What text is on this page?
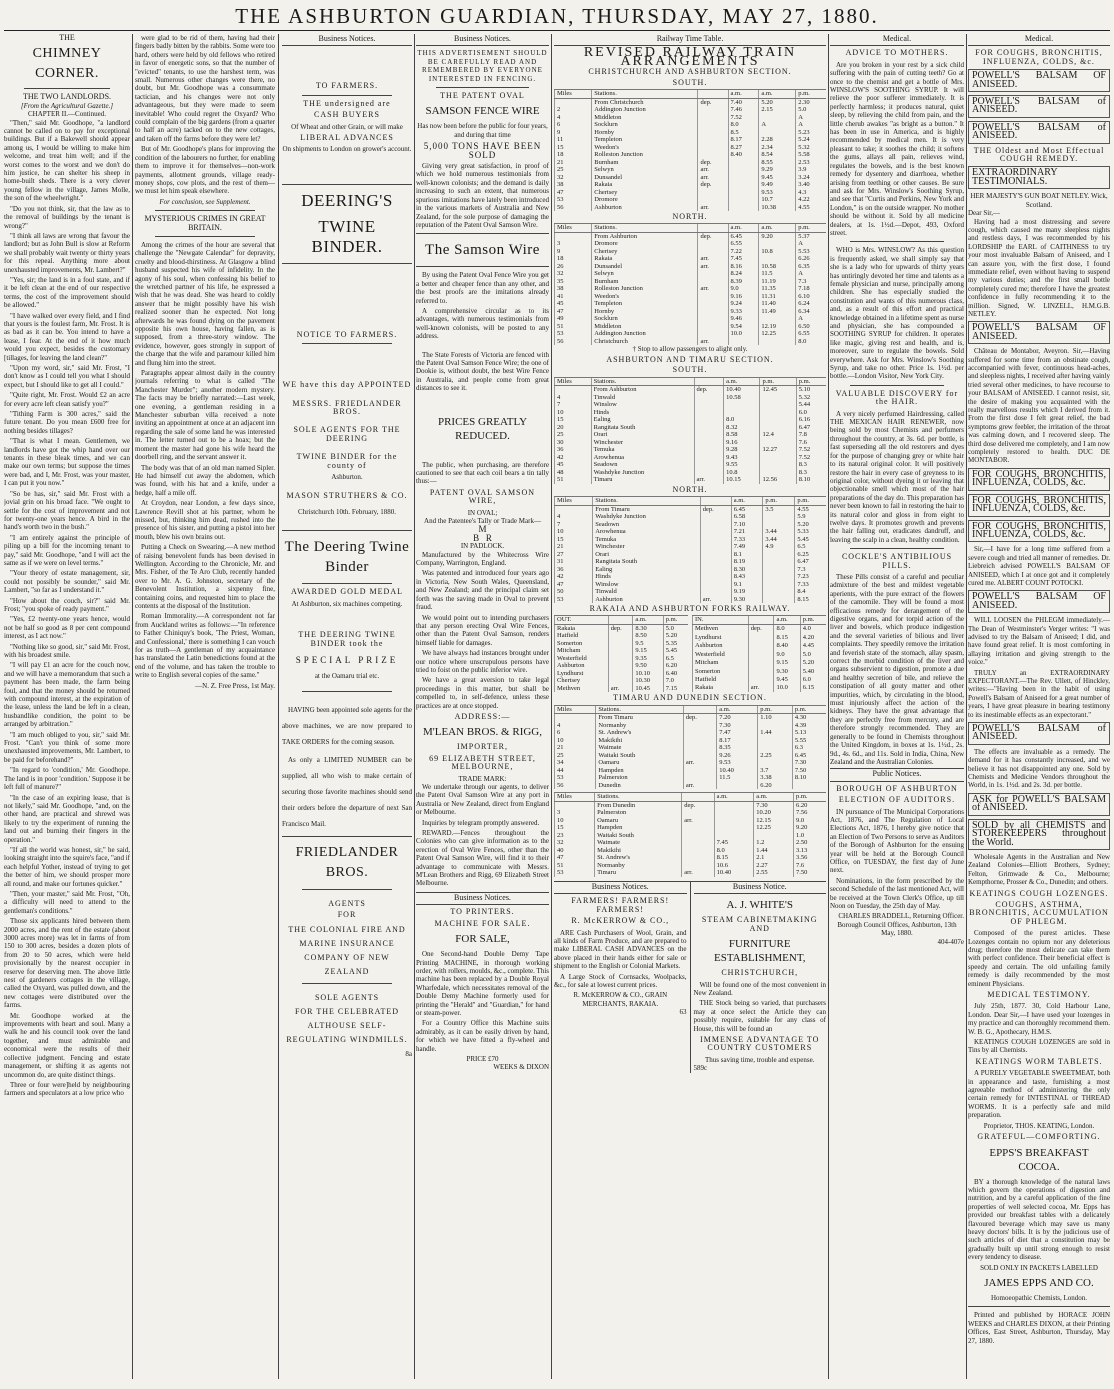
THE ASHBURTON GUARDIAN, THURSDAY, MAY 27, 1880.
THE
CHIMNEY CORNER.
THE TWO LANDLORDS.
[From the Agricultural Gazette.]
CHAPTER II.—Continued.

"Then," said Mr. Goodhope, "a landlord cannot be called on to pay for exceptional buildings. But if a Bakewell should appear among us, I would be willing to make him welcome, and treat him well; and if the worst comes to the worst and we don't do him justice, he can shelter his sheep in home-built sheds. There is a very clever young fellow in the village, James Molle, the son of the wheelwright."

"Do you not think, sir, that the law as to the removal of buildings by the tenant is wrong?"

"I think all laws are wrong that favour the landlord; but as John Bull is slow at Reform we shall probably wait twenty or thirty years for this repeal. Anything more about unexhausted improvements, Mr. Lambert?"

"Yes, sir; the land is in a foul state, and if it be left clean at the end of our respective terms, the cost of the improvement should be allowed."

"I have walked over every field, and I find that yours is the foulest farm, Mr. Frost. It is as bad as it can be. You intend to have a lease, I fear. At the end of it how much would you expect, besides the customary [tillages, for leaving the land clean?"

"Upon my word, sir," said Mr. Frost, "I don't know as I could tell you what I should expect, but I should like to get all I could."

"Quite right, Mr. Frost. Would £2 an acre for every acre left clean satisfy you?"

"Tithing Farm is 300 acres," said the future tenant. Do you mean £600 free for nothing besides tillages?

"That is what I mean. Gentlemen, we landlords have got the whip hand over our tenants in these bleak times, and we can make our own terms; but suppose the times were bad, and I, Mr. Frost, was your master, I can put it you now."

"So be has, sir," said Mr. Frost with a jovial grin on his broad face. "We ought to settle for the cost of improvement and not for twenty-one years hence. A bird in the hand's worth two in the bush."

"I am entirely against the principle of piling up a bill for the incoming tenant to pay," said Mr. Goodhope, "and I will act the same as if we were on level terms."

"Your theory of estate management, sir, could not possibly be sounder," said Mr. Lambert, "so far as I understand it."

"How about the couch, sir?" said Mr. Frost; "you spoke of ready payment."

"Yes, £2 twenty-one years hence, would not be half so good as 8 per cent compound interest, as I act now."

"Nothing like so good, sir," said Mr. Frost, with his broadest smile.

"I will pay £1 an acre for the couch now, and we will have a memorandum that such a payment has been made, the farm being foul, and that the money should be returned with compound interest, at the expiration of the lease, unless the land be left in a clean, husbandlike condition, the point to be arranged by arbitration."

"I am much obliged to you, sir," said Mr. Frost. "Can't you think of some more unexhausted improvements, Mr. Lambert, to be paid for beforehand?"

"In regard to 'condition,' Mr. Goodhope. The land is in poor 'condition.' Suppose it be left full of manure?"

"In the case of an expiring lease, that is not likely," said Mr. Goodhope, "and, on the other hand, are practical and shrewd was likely to try the experiment of running the land out and burning their fingers in the operation."

"If all the world was honest, sir," he said, looking straight into the squire's face, "and if each helpful Yother, instead of trying to get the better of him, we should prosper more all round, and make our fortunes quicker."

"Then, your master," said Mr. Frost, "Oh, a difficulty will need to attend to the gentleman's conditions."

Those six applicants hired between them 2000 acres, and the rent of the estate (about 3000 acres more) was let in farms of from 150 to 300 acres, besides a dozen plots of from 20 to 50 acres, which were held provisionally by the nearest occupier in reserve for deserving men. The above little nest of gardeners cottages in the village, called the Oxyard, was pulled down, and the new cottages were distributed over the farms.

Mr. Goodhope worked at the improvements with heart and soul. Many a walk he and his council took over the land together, and must admirable and economical were the results of their collective judgment. Fencing and estate management, or shifting it as agents not uncommon do, are quite distinct things.

Three or four were]held by neighbouring farmers and speculators at a low price who

were glad to be rid of them, having had their fingers badly bitten by the rabbits. Some were too hard, others were held by old fellows who retired in favor of energetic sons, so that the number of "evicted" tenants, to use the harshest term, was small. Numerous other changes were there, no doubt, but Mr. Goodhope was a consummate tactician, and his changes were not only advantageous, but they were made to seem inevitable! Who could regret the Oxyard? Who could complain of the big gardens (from a quarter to half an acre) tacked on to the new cottages, and taken off the farms before they were let?

But of Mr. Goodhope's plans for improving the condition of the labourers no further, for enabling them to improve it for themselves—non-work payments, allotment grounds, village ready-money shops, cow plots, and the rest of them—we must let him speak elsewhere.

For conclusion, see Supplement.
MYSTERIOUS CRIMES IN GREAT BRITAIN.

Among the crimes of the hour are several that challenge the "Newgate Calendar" for depravity, cruelty and blood-thirstiness. At Glasgow a blind husband suspected his wife of infidelity. In the agony of his soul, when confessing his belief to the wretched partner of his life, he expressed a wish that he was dead. She was heard to coldly answer that he might possibly have his wish realized sooner than he expected. Not long afterwards he was found dying on the pavement opposite his own house, having fallen, as is supposed, from a three-story window. The evidence, however, goes strongly in support of the charge that the wife and paramour killed him and flung him into the street.

Paragraphs appear almost daily in the country journals referring to what is called "The Manchester Murder"; another modern mystery. The facts may be briefly narrated:—Last week, one evening, a gentleman residing in a Manchester suburban villa received a note inviting an appointment at once at an adjacent inn regarding the sale of some land he was interested in. The letter turned out to be a hoax; but the moment the master had gone his wife heard the doorbell ring, and the servant answer it.

The body was that of an old man named Sipler. He had himself cut away the abdomen, which was found, with his hat and a knife, under a hedge, half a mile off.

At Croydon, near London, a few days since, Lawrence Revill shot at his partner, whom he missed, but, thinking him dead, rushed into the presence of his sister, and putting a pistol into her mouth, blew his own brains out.

Putting a Check on Swearing.—A new method of raising benevolent funds has been devised in Wellington. According to the Chronicle, Mr. and Mrs. Fisher, of the Te Aro Club, recently handed over to Mr. A. G. Johnston, secretary of the Benevolent Institution, a sixpenny fine, containing coins, and requested him to place the contents at the disposal of the Institution.

Roman Immorality.—A correspondent not far from Auckland writes as follows:—"In reference to Father Chiniquy's book, 'The Priest, Woman, and Confessional,' there is something I can vouch for as truth—A gentleman of my acquaintance has translated the Latin benedictions found at the end of the volume, and has taken the trouble to write to English several copies of the same."

—N. Z. Free Press, 1st May.
Business Notices.
TO FARMERS.
THE undersigned are
CASH BUYERS
Of Wheat and other Grain, or will make
LIBERAL ADVANCES
On shipments to London on grower's account.
DEERING'S
TWINE BINDER.
NOTICE TO FARMERS.
WE have this day APPOINTED
MESSRS. FRIEDLANDER BROS.
SOLE AGENTS FOR THE DEERING
TWINE BINDER for the county of
Ashburton.
MASON STRUTHERS & CO.
Christchurch 10th. February, 1880.
The Deering Twine Binder
AWARDED GOLD MEDAL
At Ashburton, six machines competing.
THE DEERING TWINE BINDER took the
SPECIAL PRIZE
at the Oamaru trial etc.

HAVING been appointed sole agents for the above machines, we are now prepared to TAKE ORDERS for the coming season.

As only a LIMITED NUMBER can be supplied, all who wish to make certain of securing those favorite machines should send their orders before the departure of next San Francisco Mail.

FRIEDLANDER BROS.
AGENTS
FOR
THE COLONIAL FIRE AND MARINE INSURANCE COMPANY OF NEW ZEALAND
SOLE AGENTS
FOR THE CELEBRATED ALTHOUSE SELF-REGULATING WINDMILLS.
8a
Business Notices.
THIS ADVERTISEMENT SHOULD BE CAREFULLY READ AND REMEMBERED BY EVERYONE INTERESTED IN FENCING.
THE PATENT OVAL
SAMSON FENCE WIRE
Has now been before the public for four years, and during that time
5,000 TONS HAVE BEEN SOLD

Giving very great satisfaction, in proof of which we hold numerous testimonials from well-known colonists; and the demand is daily increasing to such an extent, that numerous spurious imitations have lately been introduced in the various markets of Australia and New Zealand, for the sole purpose of damaging the reputation of the Patent Oval Samson Wire.

The Samson Wire

By using the Patent Oval Fence Wire you get a better and cheaper fence than any other, and the best proofs are the imitations already referred to.

A comprehensive circular as to its advantages, with numerous testimonials from well-known colonists, will be posted to any address.

The State Forests of Victoria are fenced with the Patent Oval Samson Fence Wire; the one of Dookie is, without doubt, the best Wire Fence in Australia, and people come from great distances to see it.

PRICES GREATLY REDUCED.

The public, when purchasing, are therefore cautioned to see that each coil bears a tin tally thus:—

PATENT OVAL SAMSON WIRE,
IN OVAL;
And the Patentee's Tally or Trade Mark—
M
B R
IN PADLOCK.

Manufactured by the Whitecross Wire Company, Warrington, England.

Was patented and introduced four years ago in Victoria, New South Wales, Queensland, and New Zealand; and the principal claim set forth was the saving made in Oval to prevent fraud.

We would point out to intending purchasers that any person erecting Oval Wire Fences, other than the Patent Oval Samson, renders himself liable for damages.

We have always had instances brought under our notice where unscrupulous persons have tried to foist on the public inferior wire.

We have a great aversion to take legal proceedings in this matter, but shall be compelled to, in self-defence, unless these practices are at once stopped.

ADDRESS:—
M'LEAN BROS. & RIGG,
IMPORTER,
69 ELIZABETH STREET, MELBOURNE,
TRADE MARK:

We undertake through our agents, to deliver the Patent Oval Samson Wire at any port in Australia or New Zealand, direct from England or Melbourne.

Inquiries by telegram promptly answered.

REWARD.—Fences throughout the Colonies who can give information as to the erection of Oval Wire Fences, other than the Patent Oval Samson Wire, will find it to their advantage to communicate with Messrs. M'Lean Brothers and Rigg, 69 Elizabeth Street Melbourne.

Business Notices.
TO PRINTERS.
MACHINE FOR SALE.
FOR SALE,

One Second-hand Double Demy Tape Printing MACHINE, in thorough working order, with rollers, moulds, &c., complete. This machine has been replaced by a Double Royal Wharfedale, which necessitates removal of the Double Demy Machine formerly used for printing the "Herald" and "Guardian," for hand or steam-power.

For a Country Office this Machine suits admirably, as it can be easily driven by hand, for which we have fitted a fly-wheel and handle.

PRICE £70
WEEKS & DIXON
Railway Time Table.
REVISED RAILWAY TRAIN ARRANGEMENTS
CHRISTCHURCH AND ASHBURTON SECTION.
SOUTH.
Miles	Stations.		a.m.	a.m.	p.m.
	From Christchurch	dep.	7.40	5.20	2.30
2	Addington Junction		7.46	2.15	5.0
4	Middleton		7.52		A
6	Socklurn		8.0	A	A
9	Hornby		8.5		5.23
11	Templeton		8.17	2.28	5.24
15	Weedon's		8.27	2.34	5.32
18	Rolleston Junction		8.40	8.54	5.58
21	Burnham	dep.		8.55	2.53
25	Selwyn	arr.		9.29	3.9
32	Dunsandel	arr.		9.45	3.24
38	Rakaia	dep.		9.49	3.40
47	Chertsey			9.53	4.3
53	Dromore			10.7	4.22
56	Ashburton	arr.		10.38	4.55
NORTH.
Miles	Stations.		a.m.	a.m.	p.m.
	From Ashburton	dep.	6.45	9.20	5.37
3	Dromore		6.55		A
9	Chertsey		7.22	10.8	5.53
18	Rakaia	arr.	7.45		6.26
26	Dunsandel	arr.	8.16	10.58	6.35
32	Selwyn		8.24	11.5	A
35	Burnham		8.39	11.19	7.3
38	Rolleston Junction	arr.	9.0	11.35	7.18
41	Weedon's		9.16	11.31	6.10
45	Templeton		9.24	11.40	6.24
47	Hornby		9.33	11.49	6.34
49	Socklurn		9.46		A
51	Middleton		9.54	12.19	6.50
53	Addington Junction		10.0	12.25	6.55
56	Christchurch	arr.			8.0
† Stop to allow passengers to alight only.
ASHBURTON AND TIMARU SECTION.
SOUTH.
Miles	Stations.		a.m.	p.m.	p.m.
	From Ashburton	dep.	10.40	12.45	5.10
4	Tinwald		10.58		5.32
7	Winslow				5.44
10	Hinds				6.0
15	Ealing		8.0		6.16
20	Rangitata South		8.32		6.47
25	Orari		8.58	12.4	7.8
30	Winchester		9.16		7.6
36	Temuka		9.28	12.27	7.52
42	Arowhenua		9.43		7.52
45	Seadown		9.55		8.3
48	Washdyke Junction		10.8		8.3
51	Timaru	arr.	10.15	12.56	8.10
NORTH.
Miles	Stations.		a.m.	p.m.	p.m.
	From Timaru	dep.	6.45	3.5	4.55
4	Washdyke Junction		6.58		5.9
7	Seadown		7.10		5.20
10	Arowhenua		7.21	3.44	5.33
15	Temuka		7.33	3.44	5.45
21	Winchester		7.49	4.9	6.5
27	Orari		8.1		6.25
31	Rangitata South		8.19		6.47
36	Ealing		8.30		7.3
42	Hinds		8.43		7.23
47	Winslow		9.1		7.33
50	Tinwald		9.19		8.4
53	Ashburton	arr.	9.30		8.15
RAKAIA AND ASHBURTON FORKS RAILWAY.
OUT.		a.m.	p.m.
Rakaia	dep.	8.30	5.0
Hatfield		8.50	5.20
Somerton		9.5	5.35
Mitcham		9.15	5.45
Westerfield		9.35	6.5
Ashburton		9.50	6.20
Lyndhurst		10.10	6.40
Chertsey		10.30	7.0
Methven	arr.	10.45	7.15
IN.		a.m.	p.m.
Methven	dep.	8.0	4.0
Lyndhurst		8.15	4.20
Ashburton		8.40	4.45
Westerfield		9.0	5.0
Mitcham		9.15	5.20
Somerton		9.30	5.40
Hatfield		9.45	6.0
Rakaia	arr.	10.0	6.15
TIMARU AND DUNEDIN SECTION.
Miles	Stations.		a.m.	p.m.	p.m.
	From Timaru	dep.	7.20	1.10	4.30
4	Normanby		7.30		4.39
6	St. Andrew's		7.47	1.44	5.13
10	Makikihi		8.17		5.55
21	Waimate		8.35		6.3
25	Waitaki South		9.26	2.25	6.45
34	Oamaru	arr.	9.53		7.30
44	Hampden		10.40	3.7	7.50
53	Palmerston		11.5	3.38	8.10
56	Dunedin	arr.		6.20	
Miles	Stations.		a.m.	a.m.	p.m.
	From Dunedin	dep.		7.30	6.20
3	Palmerston			10.20	7.56
10	Oamaru	arr.		12.15	9.0
15	Hampden			12.25	9.20
23	Waitaki South				1.0
32	Waimate		7.45	1.2	2.50
40	Makikihi		8.0	1.44	3.13
47	St. Andrew's		8.15	2.1	3.56
51	Normanby		10.6	2.27	7.6
53	Timaru	arr.	10.40	2.55	7.50
Business Notices.
FARMERS! FARMERS! FARMERS!
R. McKERROW & CO.,

ARE Cash Purchasers of Wool, Grain, and all kinds of Farm Produce, and are prepared to make LIBERAL CASH ADVANCES on the above placed in their hands either for sale or shipment to the English or Colonial Markets.

A Large Stock of Cornsacks, Woolpacks, &c., for sale at lowest current prices.

R. McKERROW & CO., GRAIN MERCHANTS, RAKAIA.
63
Business Notice.
A. J. WHITE'S
STEAM CABINETMAKING AND
FURNITURE ESTABLISHMENT,
CHRISTCHURCH,

Will be found one of the most convenient in New Zealand.

THE Stock being so varied, that purchasers may at once select the Article they can possibly require, suitable for any class of House, this will be found an

IMMENSE ADVANTAGE TO COUNTRY CUSTOMERS
Thus saving time, trouble and expense.
589c
Medical.
ADVICE TO MOTHERS.

Are you broken in your rest by a sick child suffering with the pain of cutting teeth? Go at once to the chemist and get a bottle of Mrs. WINSLOW'S SOOTHING SYRUP. It will relieve the poor sufferer immediately. It is perfectly harmless; it produces natural, quiet sleep, by relieving the child from pain, and the little cherub awakes "as bright as a button." It has been in use in America, and is highly recommended by medical men. It is very pleasant to take; it soothes the child; it softens the gums, allays all pain, relieves wind, regulates the bowels, and is the best known remedy for dysentery and diarrhoea, whether arising from teething or other causes. Be sure and ask for Mrs. Winslow's Soothing Syrup, and see that "Curtis and Perkins, New York and London," is on the outside wrapper. No mother should be without it. Sold by all medicine dealers, at 1s. 1½d.—Depot, 493, Oxford street.

WHO is Mrs. WINSLOW? As this question is frequently asked, we shall simply say that she is a lady who for upwards of thirty years has untiringly devoted her time and talents as a female physician and nurse, principally among children. She has especially studied the constitution and wants of this numerous class, and, as a result of this effort and practical knowledge obtained in a lifetime spent as nurse and physician, she has compounded a SOOTHING SYRUP for children. It operates like magic, giving rest and health, and is, moreover, sure to regulate the bowels. Sold everywhere. Ask for Mrs. Winslow's Soothing Syrup, and take no other. Price 1s. 1½d. per bottle.—London Visitor, New York City.

VALUABLE DISCOVERY for the HAIR.

A very nicely perfumed Hairdressing, called THE MEXICAN HAIR RENEWER, now being sold by most Chemists and perfumers throughout the country, at 3s. 6d. per bottle, is fast superseding all the old restorers and dyes for the purpose of changing grey or white hair to its natural original color. It will positively restore the hair in every case of greyness to its original color, without dyeing it or leaving that objectionable smell which most of the hair preparations of the day do. This preparation has never been known to fail in restoring the hair to its natural color and gloss in from eight to twelve days. It promotes growth and prevents the hair falling out, eradicates dandruff, and leaving the scalp in a clean, healthy condition.

COCKLE'S ANTIBILIOUS PILLS.

These Pills consist of a careful and peculiar admixture of the best and mildest vegetable aperients, with the pure extract of the flowers of the camomile. They will be found a most efficacious remedy for derangement of the digestive organs, and for torpid action of the liver and bowels, which produce indigestion and the several varieties of bilious and liver complaints. They speedily remove the irritation and feverish state of the stomach, allay spasm, correct the morbid condition of the liver and organs subservient to digestion, promote a due and healthy secretion of bile, and relieve the constipation of all gouty matter and other impurities, which, by circulating in the blood, must injuriously affect the action of the kidneys. They have the great advantage that they are perfectly free from mercury, and are therefore strongly recommended. They are generally to be found in Chemists throughout the United Kingdom, in boxes at 1s. 1½d., 2s. 9d., 4s. 6d., and 11s. Sold in India, China, New Zealand and the Australian Colonies.

Public Notices.
BOROUGH OF ASHBURTON
ELECTION OF AUDITORS.

IN pursuance of The Municipal Corporations Act, 1876, and The Regulation of Local Elections Act, 1876, I hereby give notice that an Election of Two Persons to serve as Auditors of the Borough of Ashburton for the ensuing year will be held at the Borough Council Office, on TUESDAY, the first day of June next.

Nominations, in the form prescribed by the second Schedule of the last mentioned Act, will be received at the Town Clerk's Office, up till Noon on Tuesday, the 25th day of May.

CHARLES BRADDELL, Returning Officer.
Borough Council Offices, Ashburton, 13th May, 1880.
404-407e
Medical.
FOR COUGHS, BRONCHITIS, INFLUENZA, COLDS, &c.
POWELL'S BALSAM OF ANISEED.
POWELL'S BALSAM of ANISEED.
POWELL'S BALSAM of ANISEED.
THE Oldest and Most Effectual COUGH REMEDY.
EXTRAORDINARY TESTIMONIALS.
HER MAJESTY'S GUN BOAT NETLEY. Wick, Scotland.
Dear Sir,—

Having had a most distressing and severe cough, which caused me many sleepless nights and restless days, I was recommended by his LORDSHIP the EARL of CAITHNESS to try your most invaluable Balsam of Aniseed, and I can assure you, with the first dose, I found immediate relief, even without having to suspend my various duties; and the first small bottle completely cured me; therefore I have the greatest confidence in fully recommending it to the million. Signed, W. LINZELL, H.M.G.B. NETLEY.

POWELL'S BALSAM OF ANISEED.

Château de Montabor, Aveyron. Sir,—Having suffered for some time from an obstinate cough, accompanied with fever, continuous head-aches, and sleepless nights, I received after having vainly tried several other medicines, to have recourse to your BALSAM of ANISEED. I cannot resist, sir, the desire of making you acquainted with the really marvellous results which I derived from it. From the first dose I felt great relief, the bad symptoms grew feebler, the irritation of the throat was calming down, and I recovered sleep. The third dose delivered me completely, and I am now completely restored to health. DUC DE MONTABOR.

FOR COUGHS, BRONCHITIS, INFLUENZA, COLDS, &c.
FOR COUGHS, BRONCHITIS, INFLUENZA, COLDS, &c.
FOR COUGHS, BRONCHITIS, INFLUENZA, COLDS, &c.

Sir,—I have for a long time suffered from a severe cough and tried all manner of remedies. Dr. Liebreich advised POWELL'S BALSAM OF ANISEED, which I at once got and it completely cured me. ALBERT COUNT POTOCKI.

POWELL'S BALSAM OF ANISEED.

WILL LOOSEN the PHLEGM immediately.—The Dean of Westminster's Verger writes: "I was advised to try the Balsam of Aniseed; I did, and have found great relief. It is most comforting in allaying irritation and giving strength to the voice."

TRULY an EXTRAORDINARY EXPECTORANT.—The Rev. Ullett, of Hinckley, writes:—"Having been in the habit of using Powell's Balsam of Aniseed for a great number of years, I have great pleasure in bearing testimony to its inestimable effects as an expectorant."

POWELL'S BALSAM of ANISEED.

The effects are invaluable as a remedy. The demand for it has constantly increased, and we believe it has not disappointed any one. Sold by Chemists and Medicine Vendors throughout the World, in 1s. 1½d. and 2s. 3d. per bottle.

ASK for POWELL'S BALSAM of ANISEED.
SOLD by all CHEMISTS and STOREKEEPERS throughout the World.

Wholesale Agents in the Australian and New Zealand Colonies—Elliott Brothers, Sydney; Felton, Grimwade & Co., Melbourne; Kempthorne, Prosser & Co., Dunedin; and others.

KEATINGS COUGH LOZENGES.
COUGHS, ASTHMA, BRONCHITIS, ACCUMULATION OF PHLEGM.

Composed of the purest articles. These Lozenges contain no opium nor any deleterious drug; therefore the most delicate can take them with perfect confidence. Their beneficial effect is speedy and certain. The old unfailing family remedy is daily recommended by the most eminent Physicians.

MEDICAL TESTIMONY.

July 25th, 1877. 30, Cold Harbour Lane, London. Dear Sir,—I have used your lozenges in my practice and can thoroughly recommend them. W. B. G., Apothecary, H.M.S.

KEATINGS COUGH LOZENGES are sold in Tins by all Chemists.

KEATINGS WORM TABLETS.

A PURELY VEGETABLE SWEETMEAT, both in appearance and taste, furnishing a most agreeable method of administering the only certain remedy for INTESTINAL or THREAD WORMS. It is a perfectly safe and mild preparation.

Proprietor, THOS. KEATING, London.
GRATEFUL—COMFORTING.
EPPS'S BREAKFAST COCOA.

BY a thorough knowledge of the natural laws which govern the operations of digestion and nutrition, and by a careful application of the fine properties of well selected cocoa, Mr. Epps has provided our breakfast tables with a delicately flavoured beverage which may save us many heavy doctors' bills. It is by the judicious use of such articles of diet that a constitution may be gradually built up until strong enough to resist every tendency to disease.

SOLD ONLY IN PACKETS LABELLED
JAMES EPPS AND CO.
Homoeopathic Chemists, London.

Printed and published by HORACE JOHN WEEKS and CHARLES DIXON, at their Printing Offices, East Street, Ashburton, Thursday, May 27, 1880.
